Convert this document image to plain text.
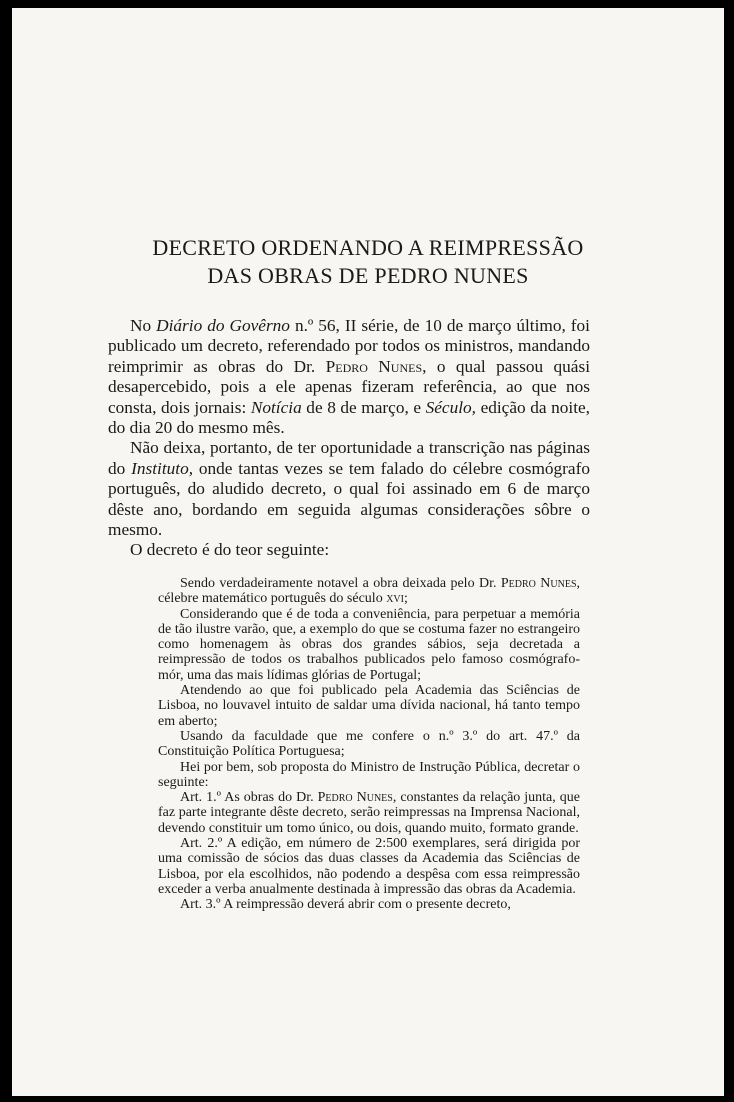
DECRETO ORDENANDO A REIMPRESSÃO
DAS OBRAS DE PEDRO NUNES

No Diário do Govêrno n.º 56, II série, de 10 de março último, foi publicado um decreto, referendado por todos os ministros, mandando reimprimir as obras do Dr. Pedro Nunes, o qual passou quási desapercebido, pois a ele apenas fizeram referência, ao que nos consta, dois jornais: Notícia de 8 de março, e Século, edição da noite, do dia 20 do mesmo mês.

Não deixa, portanto, de ter oportunidade a transcrição nas páginas do Instituto, onde tantas vezes se tem falado do célebre cosmógrafo português, do aludido decreto, o qual foi assinado em 6 de março dêste ano, bordando em seguida algumas considerações sôbre o mesmo.

O decreto é do teor seguinte:

Sendo verdadeiramente notavel a obra deixada pelo Dr. Pedro Nunes, célebre matemático português do século xvi;

Considerando que é de toda a conveniência, para perpetuar a memória de tão ilustre varão, que, a exemplo do que se costuma fazer no estrangeiro como homenagem às obras dos grandes sábios, seja decretada a reimpressão de todos os trabalhos publicados pelo famoso cosmógrafo-mór, uma das mais lídimas glórias de Portugal;

Atendendo ao que foi publicado pela Academia das Sciências de Lisboa, no louvavel intuito de saldar uma dívida nacional, há tanto tempo em aberto;

Usando da faculdade que me confere o n.º 3.º do art. 47.º da Constituição Política Portuguesa;

Hei por bem, sob proposta do Ministro de Instrução Pública, decretar o seguinte:

Art. 1.º As obras do Dr. Pedro Nunes, constantes da relação junta, que faz parte integrante dêste decreto, serão reimpressas na Imprensa Nacional, devendo constituir um tomo único, ou dois, quando muito, formato grande.

Art. 2.º A edição, em número de 2:500 exemplares, será dirigida por uma comissão de sócios das duas classes da Academia das Sciências de Lisboa, por ela escolhidos, não podendo a despêsa com essa reimpressão exceder a verba anualmente destinada à impressão das obras da Academia.

Art. 3.º A reimpressão deverá abrir com o presente decreto,
